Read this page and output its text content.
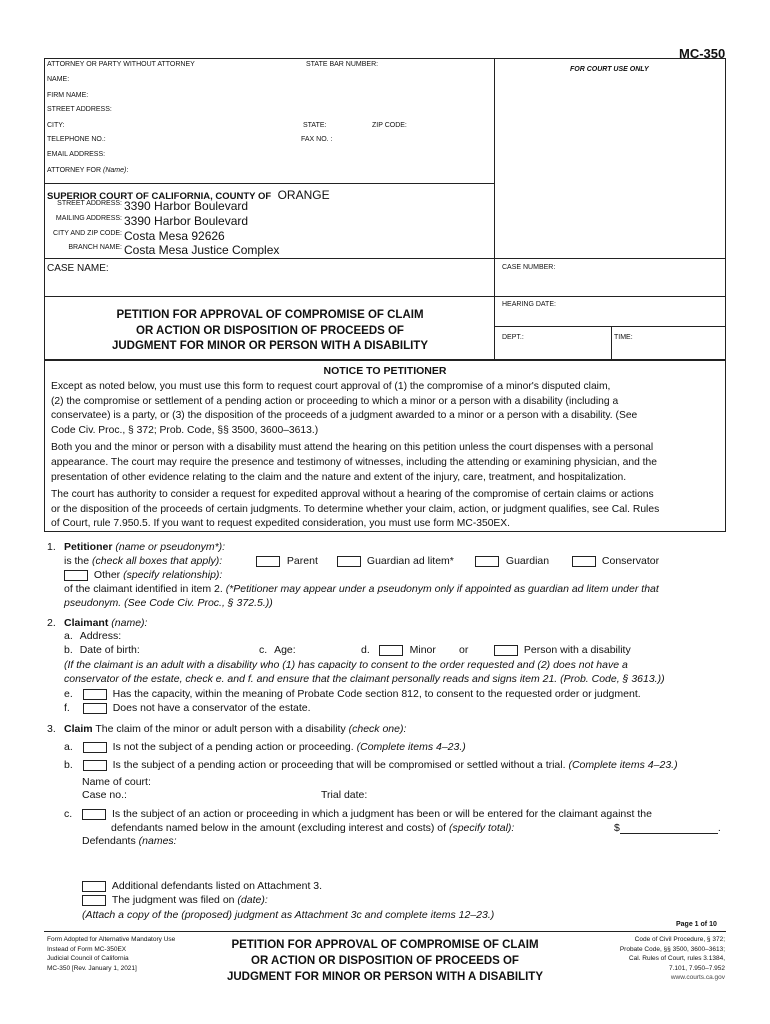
MC-350
ATTORNEY OR PARTY WITHOUT ATTORNEY	STATE BAR NUMBER:
FOR COURT USE ONLY
NAME:
FIRM NAME:
STREET ADDRESS:
CITY:	STATE:	ZIP CODE:
TELEPHONE NO.:	FAX NO. :
EMAIL ADDRESS:
ATTORNEY FOR (Name):
SUPERIOR COURT OF CALIFORNIA, COUNTY OF ORANGE
STREET ADDRESS: 3390 Harbor Boulevard
MAILING ADDRESS: 3390 Harbor Boulevard
CITY AND ZIP CODE: Costa Mesa 92626
BRANCH NAME: Costa Mesa Justice Complex
CASE NAME:	CASE NUMBER:
HEARING DATE:
DEPT.:	TIME:
PETITION FOR APPROVAL OF COMPROMISE OF CLAIM
OR ACTION OR DISPOSITION OF PROCEEDS OF
JUDGMENT FOR MINOR OR PERSON WITH A DISABILITY
NOTICE TO PETITIONER
Except as noted below, you must use this form to request court approval of (1) the compromise of a minor's disputed claim,
(2) the compromise or settlement of a pending action or proceeding to which a minor or a person with a disability (including a
conservatee) is a party, or (3) the disposition of the proceeds of a judgment awarded to a minor or a person with a disability. (See
Code Civ. Proc., § 372; Prob. Code, §§ 3500, 3600–3613.)
Both you and the minor or person with a disability must attend the hearing on this petition unless the court dispenses with a personal
appearance. The court may require the presence and testimony of witnesses, including the attending or examining physician, and the
presentation of other evidence relating to the claim and the nature and extent of the injury, care, treatment, and hospitalization.
The court has authority to consider a request for expedited approval without a hearing of the compromise of certain claims or actions
or the disposition of the proceeds of certain judgments. To determine whether your claim, action, or judgment qualifies, see Cal. Rules
of Court, rule 7.950.5. If you want to request expedited consideration, you must use form MC-350EX.
1. Petitioner (name or pseudonym*):
is the (check all boxes that apply):	Parent	Guardian ad litem*	Guardian	Conservator
Other (specify relationship):
of the claimant identified in item 2. (*Petitioner may appear under a pseudonym only if appointed as guardian ad litem under that
pseudonym. (See Code Civ. Proc., § 372.5.))
2. Claimant (name):
a. Address:
b. Date of birth:	c. Age:	d.	Minor or	Person with a disability
(If the claimant is an adult with a disability who (1) has capacity to consent to the order requested and (2) does not have a
conservator of the estate, check e. and f. and ensure that the claimant personally reads and signs item 21. (Prob. Code, § 3613.))
e.	Has the capacity, within the meaning of Probate Code section 812, to consent to the requested order or judgment.
f.	Does not have a conservator of the estate.
3. Claim The claim of the minor or adult person with a disability (check one):
a.	Is not the subject of a pending action or proceeding. (Complete items 4–23.)
b.	Is the subject of a pending action or proceeding that will be compromised or settled without a trial. (Complete items 4–23.)
Name of court:
Case no.:	Trial date:
c.	Is the subject of an action or proceeding in which a judgment has been or will be entered for the claimant against the
defendants named below in the amount (excluding interest and costs) of (specify total):	$	.
Defendants (names:
Additional defendants listed on Attachment 3.
The judgment was filed on (date):
(Attach a copy of the (proposed) judgment as Attachment 3c and complete items 12–23.)
Page 1 of 10
Form Adopted for Alternative Mandatory Use
Instead of Form MC-350EX
Judicial Council of California
MC-350 [Rev. January 1, 2021]
PETITION FOR APPROVAL OF COMPROMISE OF CLAIM
OR ACTION OR DISPOSITION OF PROCEEDS OF
JUDGMENT FOR MINOR OR PERSON WITH A DISABILITY
Code of Civil Procedure, § 372;
Probate Code, §§ 3500, 3600–3613;
Cal. Rules of Court, rules 3.1384,
7.101, 7.950–7.952
www.courts.ca.gov
